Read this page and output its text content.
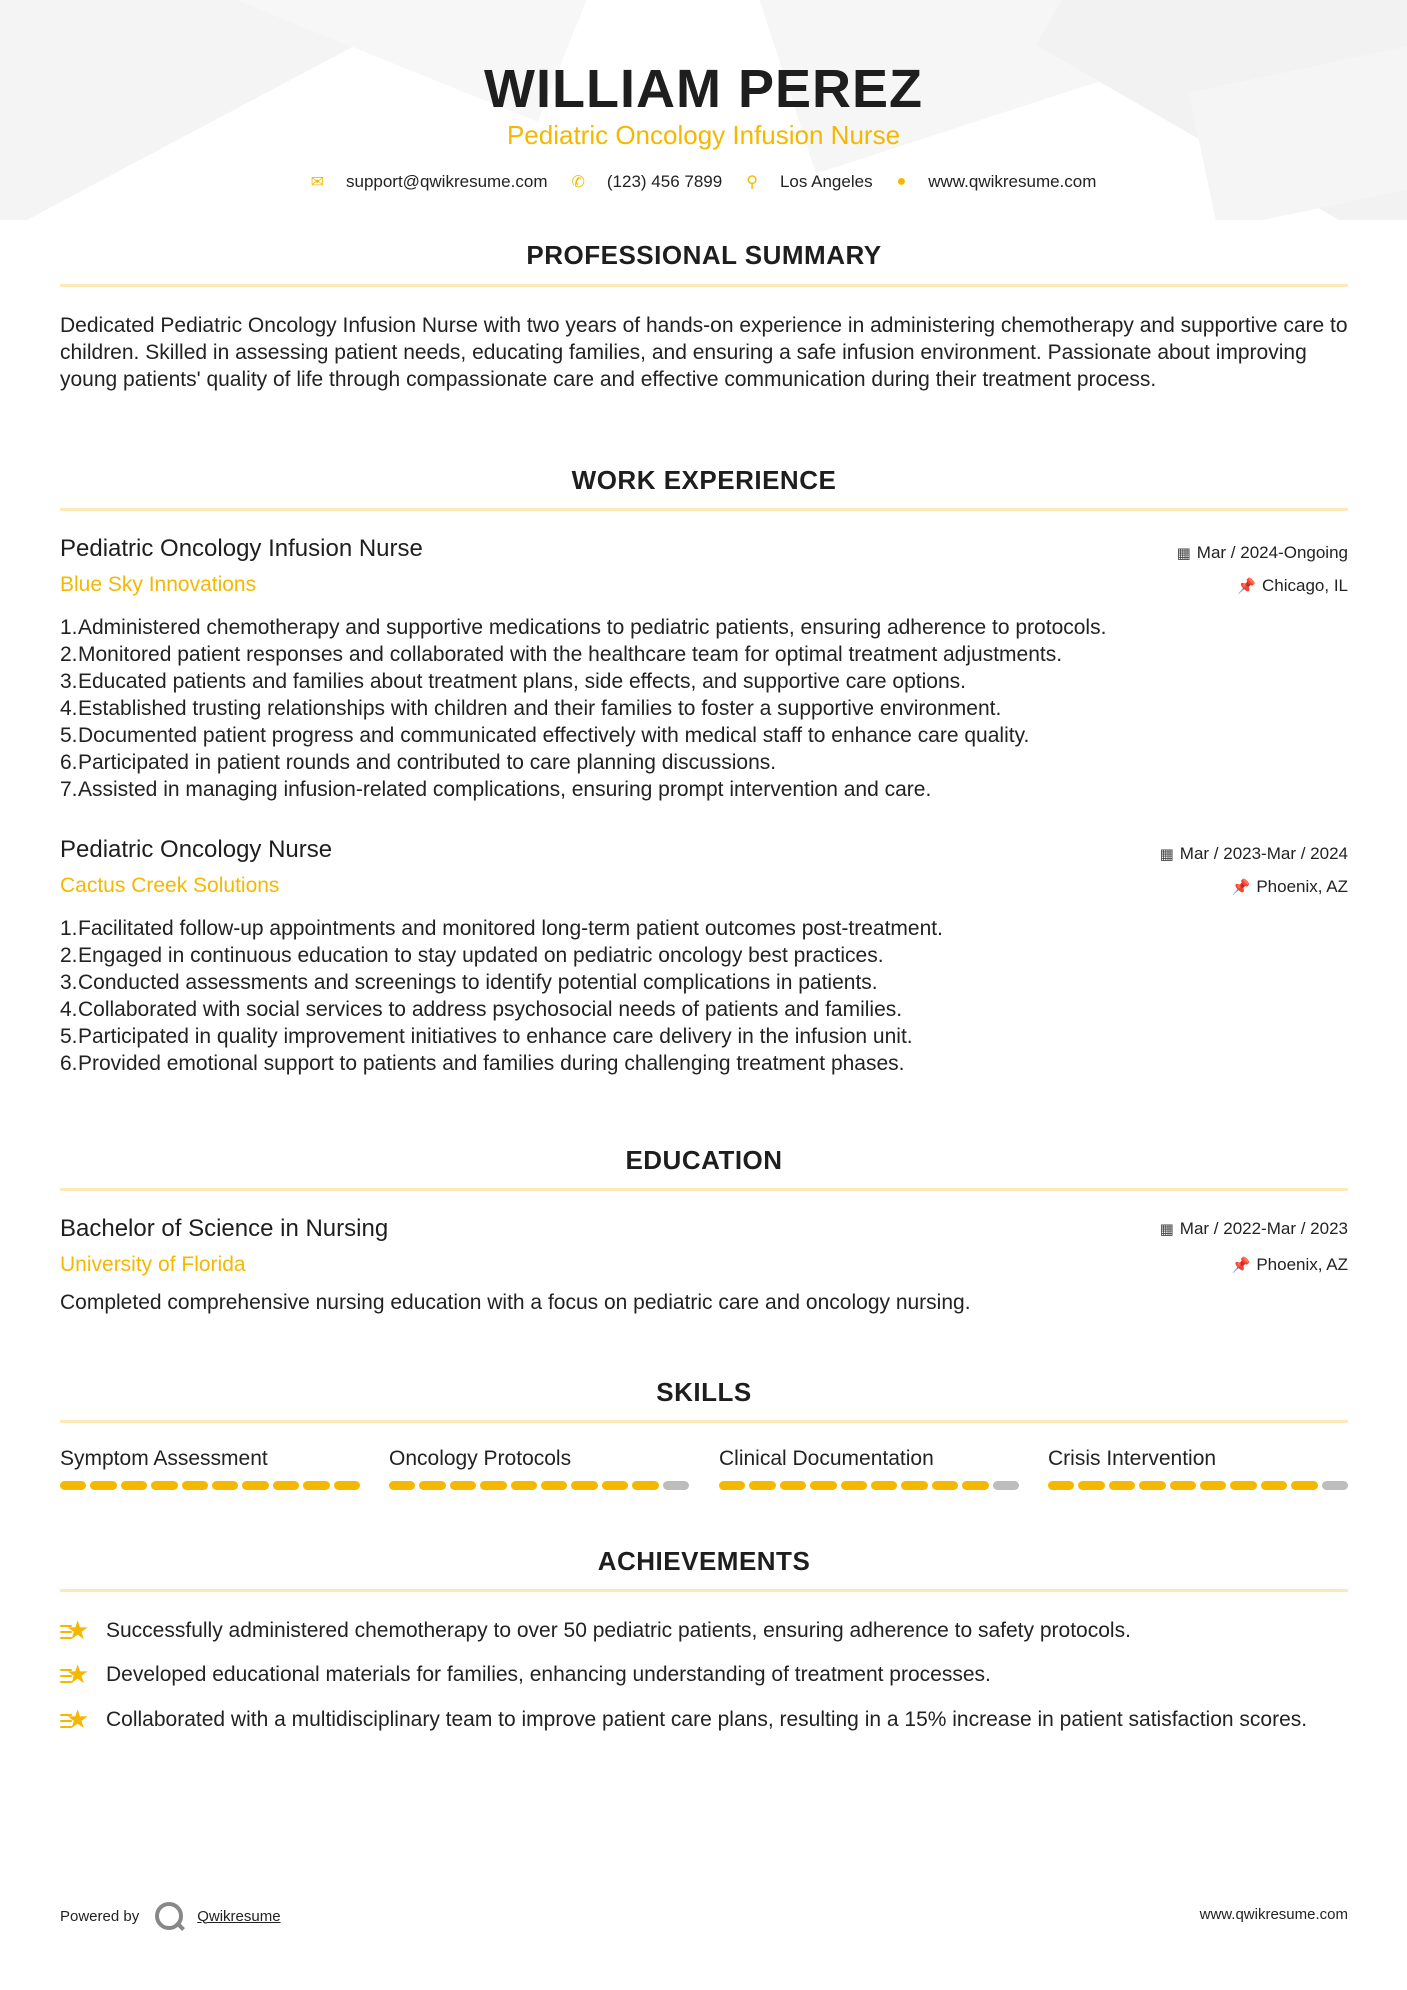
WILLIAM PEREZ
Pediatric Oncology Infusion Nurse
✉ support@qwikresume.com ✆ (123) 456 7899 ⚲ Los Angeles ● www.qwikresume.com
PROFESSIONAL SUMMARY
Dedicated Pediatric Oncology Infusion Nurse with two years of hands-on experience in administering chemotherapy and supportive care to children. Skilled in assessing patient needs, educating families, and ensuring a safe infusion environment. Passionate about improving young patients' quality of life through compassionate care and effective communication during their treatment process.
WORK EXPERIENCE
Pediatric Oncology Infusion Nurse	▦ Mar / 2024-Ongoing
Blue Sky Innovations	📌 Chicago, IL
1. Administered chemotherapy and supportive medications to pediatric patients, ensuring adherence to protocols.
2. Monitored patient responses and collaborated with the healthcare team for optimal treatment adjustments.
3. Educated patients and families about treatment plans, side effects, and supportive care options.
4. Established trusting relationships with children and their families to foster a supportive environment.
5. Documented patient progress and communicated effectively with medical staff to enhance care quality.
6. Participated in patient rounds and contributed to care planning discussions.
7. Assisted in managing infusion-related complications, ensuring prompt intervention and care.
Pediatric Oncology Nurse	▦ Mar / 2023-Mar / 2024
Cactus Creek Solutions	📌 Phoenix, AZ
1. Facilitated follow-up appointments and monitored long-term patient outcomes post-treatment.
2. Engaged in continuous education to stay updated on pediatric oncology best practices.
3. Conducted assessments and screenings to identify potential complications in patients.
4. Collaborated with social services to address psychosocial needs of patients and families.
5. Participated in quality improvement initiatives to enhance care delivery in the infusion unit.
6. Provided emotional support to patients and families during challenging treatment phases.
EDUCATION
Bachelor of Science in Nursing	▦ Mar / 2022-Mar / 2023
University of Florida	📌 Phoenix, AZ
Completed comprehensive nursing education with a focus on pediatric care and oncology nursing.
SKILLS
Symptom Assessment	Oncology Protocols	Clinical Documentation	Crisis Intervention
ACHIEVEMENTS
★ Successfully administered chemotherapy to over 50 pediatric patients, ensuring adherence to safety protocols.
★ Developed educational materials for families, enhancing understanding of treatment processes.
★ Collaborated with a multidisciplinary team to improve patient care plans, resulting in a 15% increase in patient satisfaction scores.
Powered by	Qwikresume	www.qwikresume.com
